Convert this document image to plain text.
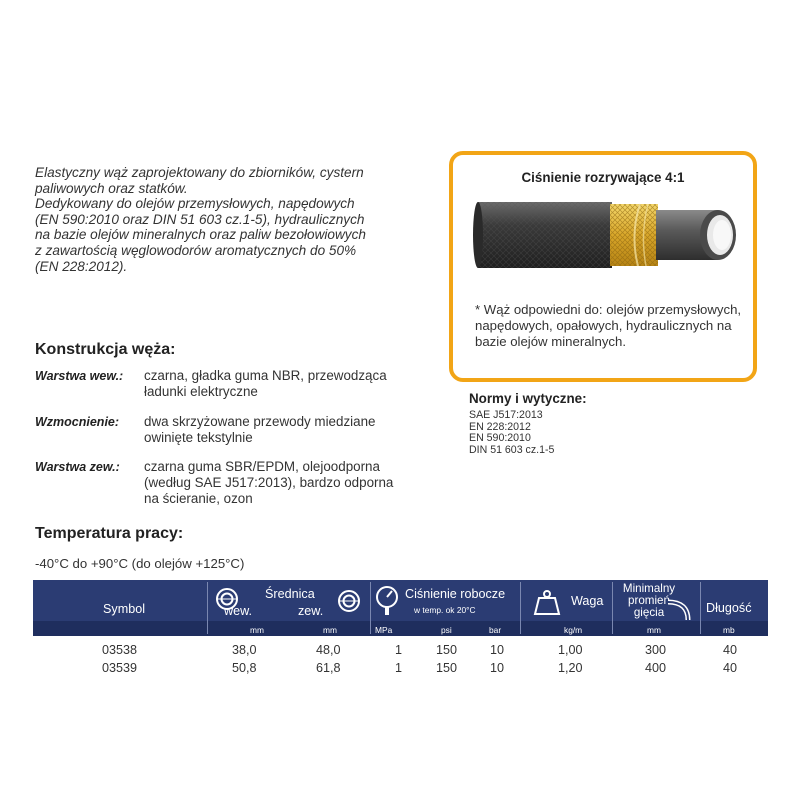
Elastyczny wąż zaprojektowany do zbiorników, cystern

paliwowych oraz statków.

Dedykowany do olejów przemysłowych, napędowych

(EN 590:2010 oraz DIN 51 603 cz.1-5), hydraulicznych

na bazie olejów mineralnych oraz paliw bezołowiowych

z zawartością węglowodorów aromatycznych do 50%

(EN 228:2012).

Konstrukcja węża:
Warstwa wew.: czarna, gładka guma NBR, przewodząca ładunki elektryczne
Wzmocnienie: dwa skrzyżowane przewody miedziane owinięte tekstylnie
Warstwa zew.: czarna guma SBR/EPDM, olejoodporna (według SAE J517:2013), bardzo odporna na ścieranie, ozon
Temperatura pracy:
-40°C do +90°C (do olejów +125°C)
Ciśnienie rozrywające 4:1
* Wąż odpowiedni do: olejów przemysłowych, napędowych, opałowych, hydraulicznych na bazie olejów mineralnych.
Normy i wytyczne:
SAE J517:2013
EN 228:2012
EN 590:2010
DIN 51 603 cz.1-5
Symbol
Średnica
wew.	zew.
Ciśnienie robocze
w temp. ok 20°C
Waga
Minimalny
promień
gięcia	Długość
mm	mm	MPa	psi	bar	kg/m	mm	mb
03538	38,0	48,0	1	150	10	1,00	300	40
03539	50,8	61,8	1	150	10	1,20	400	40
